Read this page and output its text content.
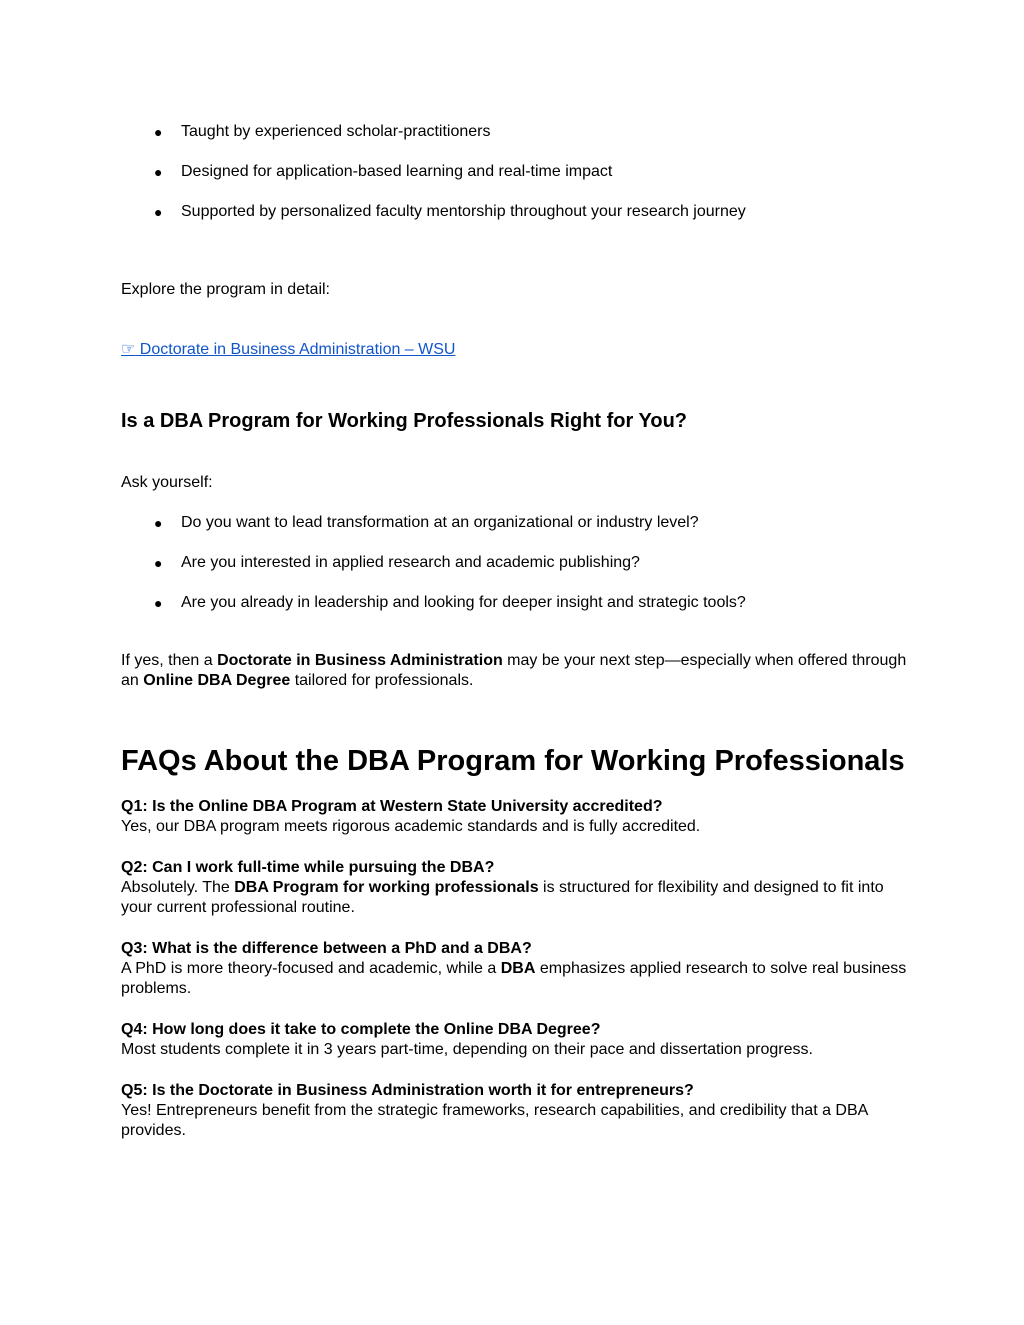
● Taught by experienced scholar-practitioners
● Designed for application-based learning and real-time impact
● Supported by personalized faculty mentorship throughout your research journey
Explore the program in detail:
☞ Doctorate in Business Administration – WSU
Is a DBA Program for Working Professionals Right for You?
Ask yourself:
● Do you want to lead transformation at an organizational or industry level?
● Are you interested in applied research and academic publishing?
● Are you already in leadership and looking for deeper insight and strategic tools?
If yes, then a Doctorate in Business Administration may be your next step—especially when offered through an Online DBA Degree tailored for professionals.
FAQs About the DBA Program for Working Professionals
Q1: Is the Online DBA Program at Western State University accredited?
Yes, our DBA program meets rigorous academic standards and is fully accredited.
Q2: Can I work full-time while pursuing the DBA?
Absolutely. The DBA Program for working professionals is structured for flexibility and designed to fit into your current professional routine.
Q3: What is the difference between a PhD and a DBA?
A PhD is more theory-focused and academic, while a DBA emphasizes applied research to solve real business problems.
Q4: How long does it take to complete the Online DBA Degree?
Most students complete it in 3 years part-time, depending on their pace and dissertation progress.
Q5: Is the Doctorate in Business Administration worth it for entrepreneurs?
Yes! Entrepreneurs benefit from the strategic frameworks, research capabilities, and credibility that a DBA provides.
